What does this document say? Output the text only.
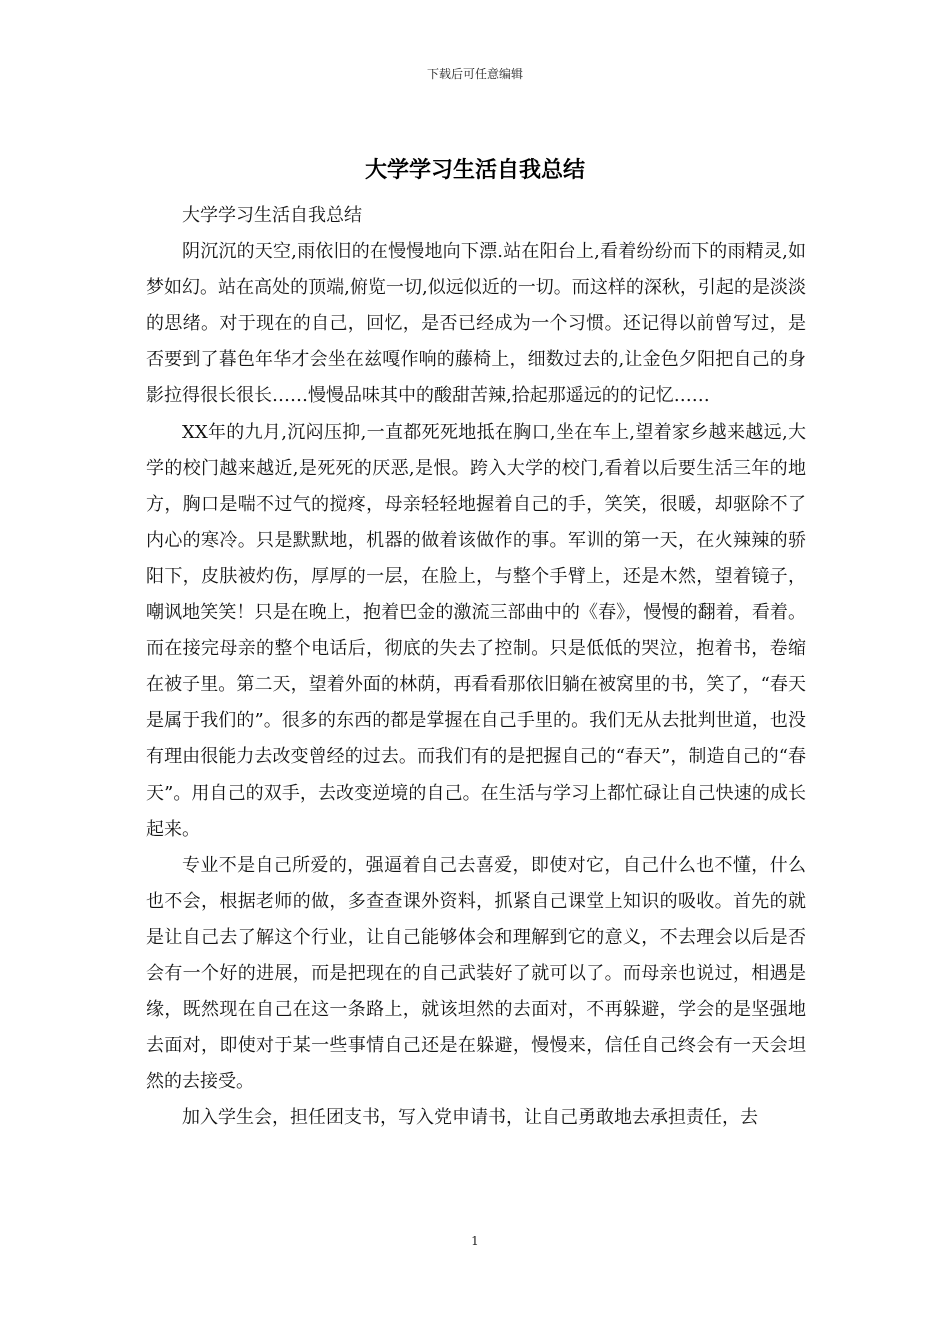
下载后可任意编辑
大学学习生活自我总结

大学学习生活自我总结

阴沉沉的天空,雨依旧的在慢慢地向下漂.站在阳台上,看着纷纷而下的雨精灵,如梦如幻。站在高处的顶端,俯览一切,似远似近的一切。而这样的深秋，引起的是淡淡的思绪。对于现在的自己，回忆，是否已经成为一个习惯。还记得以前曾写过，是否要到了暮色年华才会坐在兹嘎作响的藤椅上，细数过去的,让金色夕阳把自己的身影拉得很长很长……慢慢品味其中的酸甜苦辣,拾起那遥远的的记忆……

XX年的九月,沉闷压抑,一直都死死地抵在胸口,坐在车上,望着家乡越来越远,大学的校门越来越近,是死死的厌恶,是恨。跨入大学的校门,看着以后要生活三年的地方，胸口是喘不过气的搅疼，母亲轻轻地握着自己的手，笑笑，很暖，却驱除不了内心的寒冷。只是默默地，机器的做着该做作的事。军训的第一天，在火辣辣的骄阳下，皮肤被灼伤，厚厚的一层，在脸上，与整个手臂上，还是木然，望着镜子，嘲讽地笑笑！只是在晚上，抱着巴金的激流三部曲中的《春》，慢慢的翻着，看着。而在接完母亲的整个电话后，彻底的失去了控制。只是低低的哭泣，抱着书，卷缩在被子里。第二天，望着外面的林荫，再看看那依旧躺在被窝里的书，笑了，“春天是属于我们的”。很多的东西的都是掌握在自己手里的。我们无从去批判世道，也没有理由很能力去改变曾经的过去。而我们有的是把握自己的“春天”，制造自己的“春天”。用自己的双手，去改变逆境的自己。在生活与学习上都忙碌让自己快速的成长起来。

专业不是自己所爱的，强逼着自己去喜爱，即使对它，自己什么也不懂，什么也不会，根据老师的做，多查查课外资料，抓紧自己课堂上知识的吸收。首先的就是让自己去了解这个行业，让自己能够体会和理解到它的意义，不去理会以后是否会有一个好的进展，而是把现在的自己武装好了就可以了。而母亲也说过，相遇是缘，既然现在自己在这一条路上，就该坦然的去面对，不再躲避，学会的是坚强地去面对，即使对于某一些事情自己还是在躲避，慢慢来，信任自己终会有一天会坦然的去接受。

加入学生会，担任团支书，写入党申请书，让自己勇敢地去承担责任，去

1
